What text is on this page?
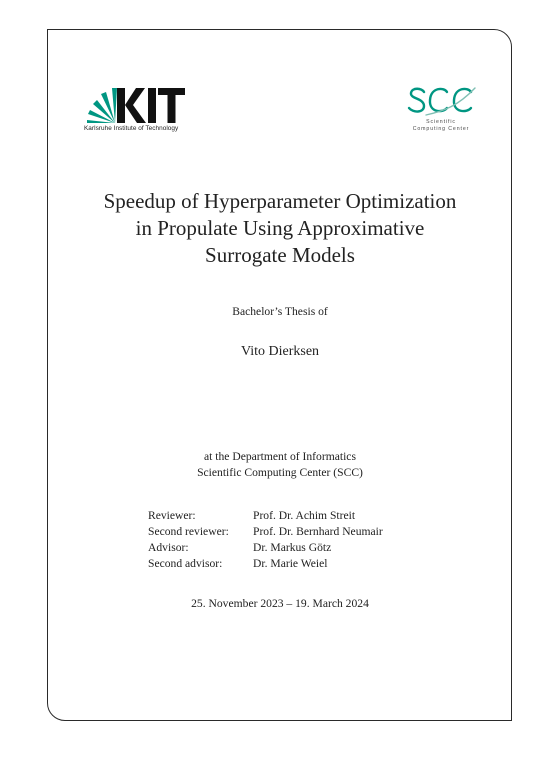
Karlsruhe Institute of Technology
Scientific
Computing Center
Speedup of Hyperparameter Optimization
in Propulate Using Approximative
Surrogate Models
Bachelor’s Thesis of
Vito Dierksen
at the Department of Informatics
Scientific Computing Center (SCC)
Reviewer:	Prof. Dr. Achim Streit
Second reviewer:	Prof. Dr. Bernhard Neumair
Advisor:	Dr. Markus Götz
Second advisor:	Dr. Marie Weiel
25. November 2023 – 19. March 2024
